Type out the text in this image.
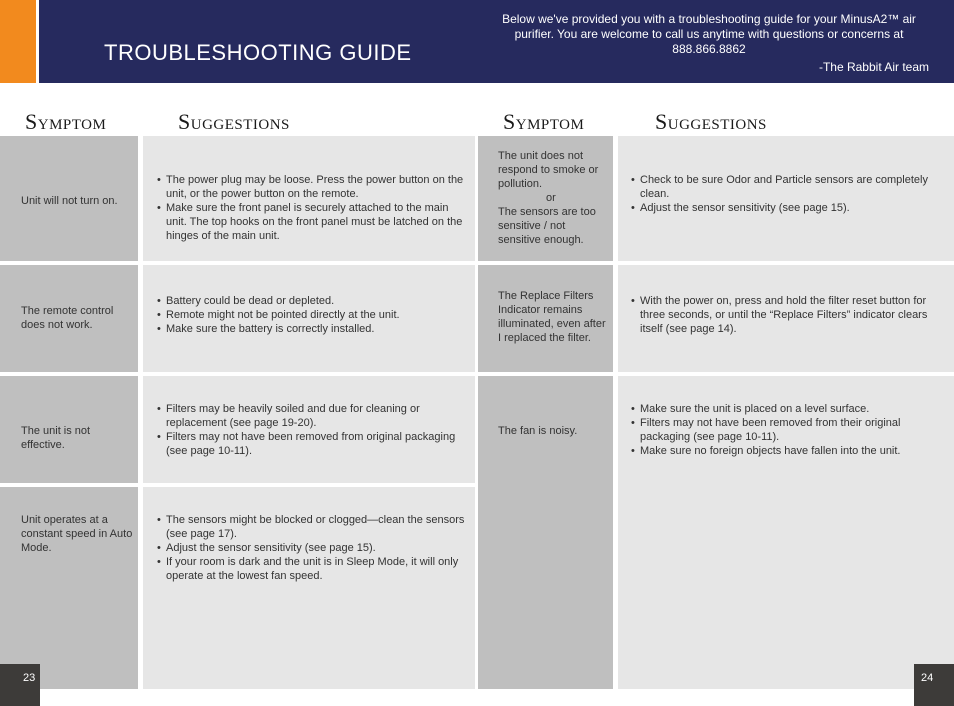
TROUBLESHOOTING GUIDE
Below we've provided you with a troubleshooting guide for your MinusA2™ air purifier. You are welcome to call us anytime with questions or concerns at 888.866.8862
-The Rabbit Air team
Symptom	Suggestions	Symptom	Suggestions
Unit will not turn on.
• The power plug may be loose. Press the power button on the unit, or the power button on the remote.
• Make sure the front panel is securely attached to the main unit. The top hooks on the front panel must be latched on the hinges of the main unit.
The remote control does not work.
• Battery could be dead or depleted.
• Remote might not be pointed directly at the unit.
• Make sure the battery is correctly installed.
The unit is not effective.
• Filters may be heavily soiled and due for cleaning or replacement (see page 19-20).
• Filters may not have been removed from original packaging (see page 10-11).
Unit operates at a constant speed in Auto Mode.
• The sensors might be blocked or clogged—clean the sensors (see page 17).
• Adjust the sensor sensitivity (see page 15).
• If your room is dark and the unit is in Sleep Mode, it will only operate at the lowest fan speed.
The unit does not respond to smoke or pollution.
or
The sensors are too sensitive / not sensitive enough.
• Check to be sure Odor and Particle sensors are completely clean.
• Adjust the sensor sensitivity (see page 15).
The Replace Filters Indicator remains illuminated, even after I replaced the filter.
• With the power on, press and hold the filter reset button for three seconds, or until the “Replace Filters” indicator clears itself (see page 14).
The fan is noisy.
• Make sure the unit is placed on a level surface.
• Filters may not have been removed from their original packaging (see page 10-11).
• Make sure no foreign objects have fallen into the unit.
23	24
